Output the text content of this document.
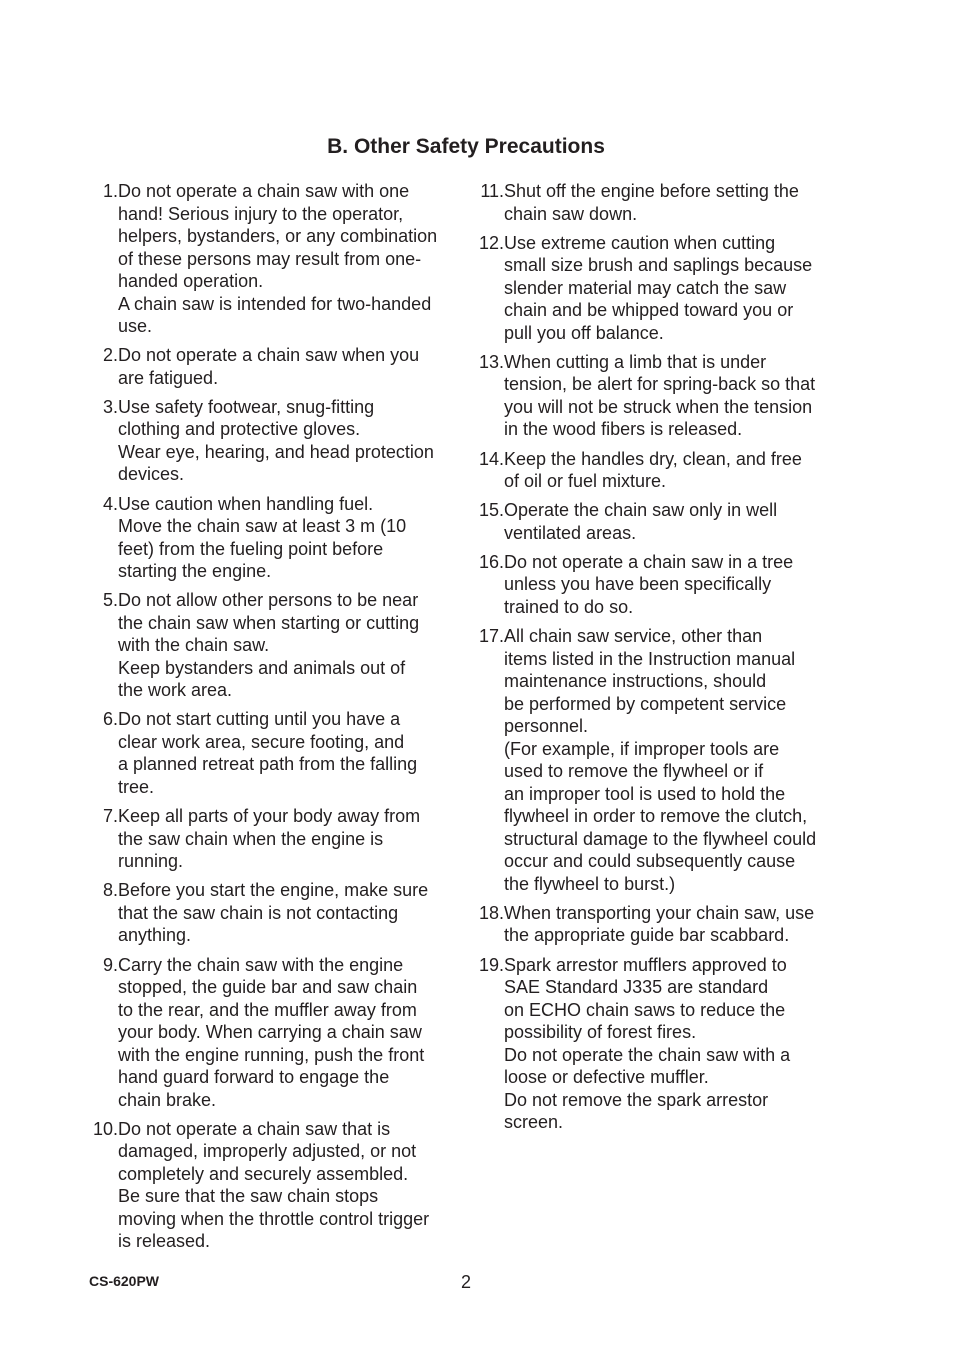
B. Other Safety Precautions
1. Do not operate a chain saw with one
hand! Serious injury to the operator,
helpers, bystanders, or any combination
of these persons may result from one-
handed operation.
A chain saw is intended for two-handed
use.

2. Do not operate a chain saw when you
are fatigued.

3. Use safety footwear, snug-fitting
clothing and protective gloves.
Wear eye, hearing, and head protection
devices.

4. Use caution when handling fuel.
Move the chain saw at least 3 m (10
feet) from the fueling point before
starting the engine.

5. Do not allow other persons to be near
the chain saw when starting or cutting
with the chain saw.
Keep bystanders and animals out of
the work area.

6. Do not start cutting until you have a
clear work area, secure footing, and
a planned retreat path from the falling
tree.

7. Keep all parts of your body away from
the saw chain when the engine is
running.

8. Before you start the engine, make sure
that the saw chain is not contacting
anything.

9. Carry the chain saw with the engine
stopped, the guide bar and saw chain
to the rear, and the muffler away from
your body. When carrying a chain saw
with the engine running, push the front
hand guard forward to engage the
chain brake.

10. Do not operate a chain saw that is
damaged, improperly adjusted, or not
completely and securely assembled.
Be sure that the saw chain stops
moving when the throttle control trigger
is released.

11. Shut off the engine before setting the
chain saw down.

12. Use extreme caution when cutting
small size brush and saplings because
slender material may catch the saw
chain and be whipped toward you or
pull you off balance.

13. When cutting a limb that is under
tension, be alert for spring-back so that
you will not be struck when the tension
in the wood fibers is released.

14. Keep the handles dry, clean, and free
of oil or fuel mixture.

15. Operate the chain saw only in well
ventilated areas.

16. Do not operate a chain saw in a tree
unless you have been specifically
trained to do so.

17. All chain saw service, other than
items listed in the Instruction manual
maintenance instructions, should
be performed by competent service
personnel.
(For example, if improper tools are
used to remove the flywheel or if
an improper tool is used to hold the
flywheel in order to remove the clutch,
structural damage to the flywheel could
occur and could subsequently cause
the flywheel to burst.)

18. When transporting your chain saw, use
the appropriate guide bar scabbard.

19. Spark arrestor mufflers approved to
SAE Standard J335 are standard
on ECHO chain saws to reduce the
possibility of forest fires.
Do not operate the chain saw with a
loose or defective muffler.
Do not remove the spark arrestor
screen.

CS-620PW	2
